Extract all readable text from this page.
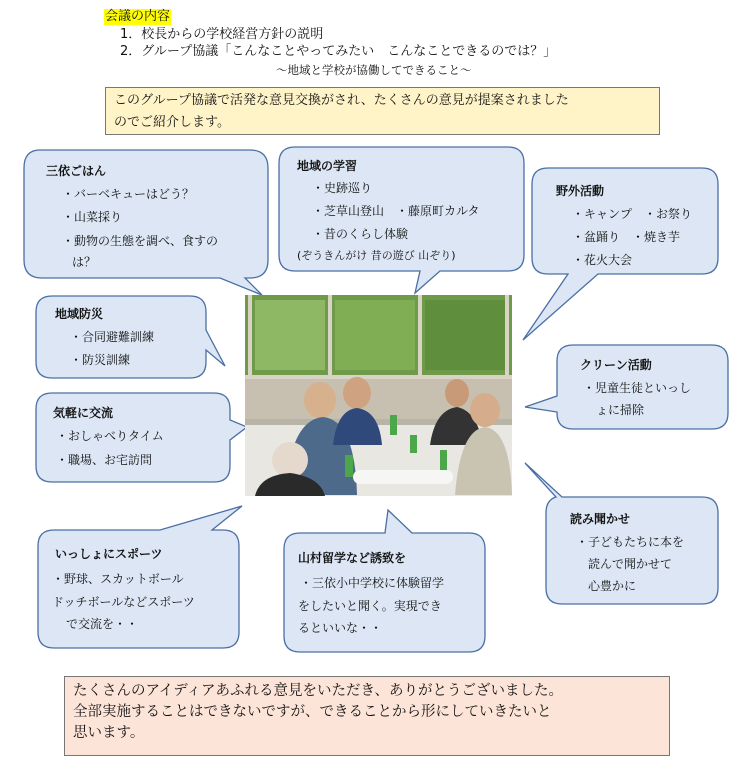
会議の内容
1．校長からの学校経営方針の説明
2．グループ協議「こんなことやってみたい　こんなことできるのでは？」
～地域と学校が協働してできること～
このグループ協議で活発な意見交換がされ、たくさんの意見が提案されました
のでご紹介します。
三依ごはん
・バーベキューはどう？
・山菜採り
・動物の生態を調べ、食すの
は？
地域の学習
・史跡巡り
・芝草山登山　・藤原町カルタ
・昔のくらし体験
(ぞうきんがけ 昔の遊び 山ぞり)
野外活動
・キャンプ　・お祭り
・盆踊り　・焼き芋
・花火大会
地域防災
・合同避難訓練
・防災訓練
気軽に交流
・おしゃべりタイム
・職場、お宅訪問
クリーン活動
・児童生徒といっし
ょに掃除
読み聞かせ
・子どもたちに本を
読んで聞かせて
心豊かに
いっしょにスポーツ
・野球、スカットボール
ドッチボールなどスポーツ
で交流を・・
山村留学など誘致を
・三依小中学校に体験留学
をしたいと聞く。実現でき
るといいな・・
たくさんのアイディアあふれる意見をいただき、ありがとうございました。
全部実施することはできないですが、できることから形にしていきたいと
思います。
